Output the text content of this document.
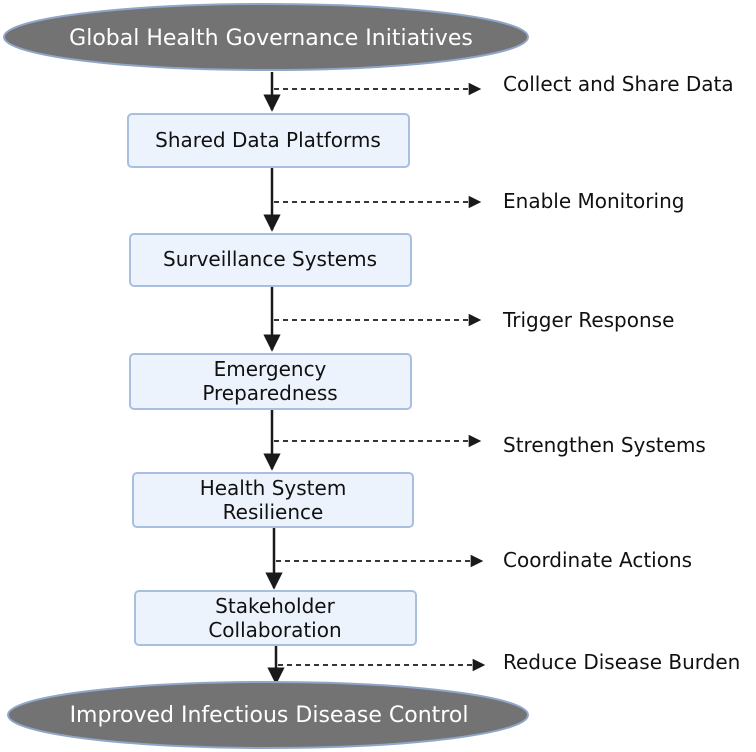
Global Health Governance Initiatives
Shared Data Platforms
Surveillance Systems
Emergency
Preparedness
Health System
Resilience
Stakeholder
Collaboration
Collect and Share Data
Enable Monitoring
Trigger Response
Strengthen Systems
Coordinate Actions
Reduce Disease Burden
Improved Infectious Disease Control
